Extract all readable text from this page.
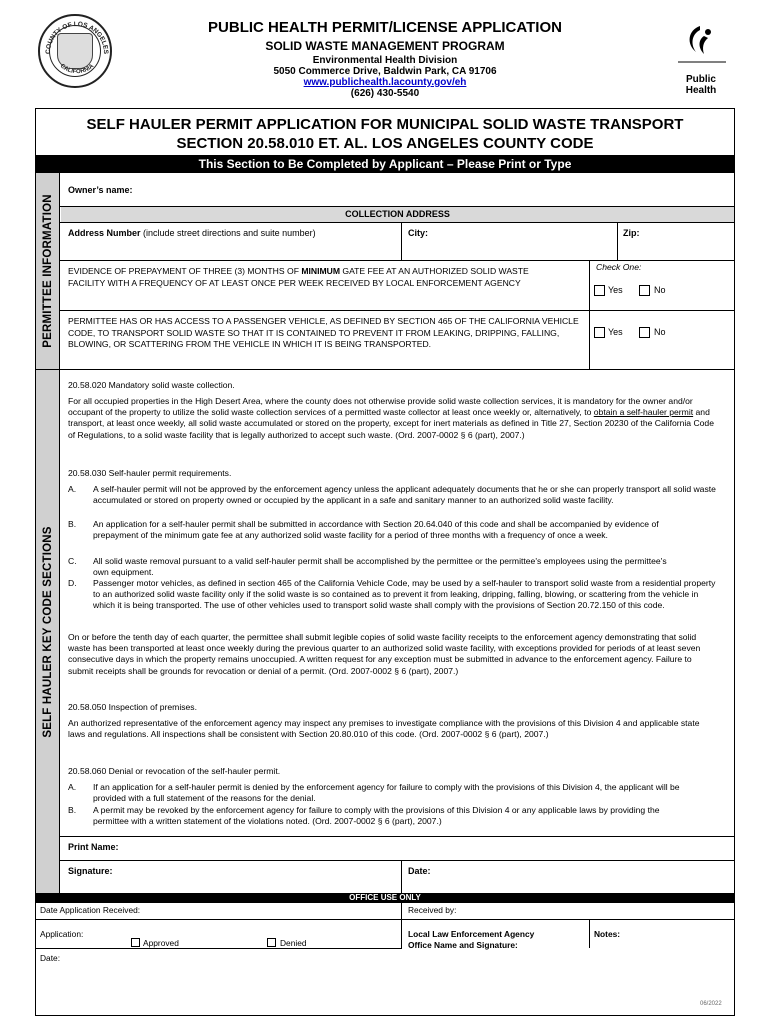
COUNTY OF LOS ANGELES
CALIFORNIA
PUBLIC HEALTH PERMIT/LICENSE APPLICATION
SOLID WASTE MANAGEMENT PROGRAM
Environmental Health Division
5050 Commerce Drive, Baldwin Park, CA 91706
www.publichealth.lacounty.gov/eh
(626) 430-5540
Public Health
SELF HAULER PERMIT APPLICATION FOR MUNICIPAL SOLID WASTE TRANSPORT
SECTION 20.58.010 ET. AL. LOS ANGELES COUNTY CODE
This Section to Be Completed by Applicant – Please Print or Type
PERMITTEE INFORMATION
Owner’s name:
COLLECTION ADDRESS
Address Number (include street directions and suite number)	City:	Zip:
EVIDENCE OF PREPAYMENT OF THREE (3) MONTHS OF MINIMUM GATE FEE AT AN AUTHORIZED SOLID WASTE FACILITY WITH A FREQUENCY OF AT LEAST ONCE PER WEEK RECEIVED BY LOCAL ENFORCEMENT AGENCY
Check One:
Yes	No
PERMITTEE HAS OR HAS ACCESS TO A PASSENGER VEHICLE, AS DEFINED BY SECTION 465 OF THE CALIFORNIA VEHICLE CODE, TO TRANSPORT SOLID WASTE SO THAT IT IS CONTAINED TO PREVENT IT FROM LEAKING, DRIPPING, FALLING, BLOWING, OR SCATTERING FROM THE VEHICLE IN WHICH IT IS BEING TRANSPORTED.
Yes	No
SELF HAULER KEY CODE SECTIONS
20.58.020 Mandatory solid waste collection.
For all occupied properties in the High Desert Area, where the county does not otherwise provide solid waste collection services, it is mandatory for the owner and/or occupant of the property to utilize the solid waste collection services of a permitted waste collector at least once weekly or, alternatively, to obtain a self-hauler permit and transport, at least once weekly, all solid waste accumulated or stored on the property, except for inert materials as defined in Title 27, Section 20230 of the California Code of Regulations, to a solid waste facility that is legally authorized to accept such waste. (Ord. 2007-0002 § 6 (part), 2007.)
20.58.030 Self-hauler permit requirements.
A.	A self-hauler permit will not be approved by the enforcement agency unless the applicant adequately documents that he or she can properly transport all solid waste accumulated or stored on property owned or occupied by the applicant in a safe and sanitary manner to an authorized solid waste facility.
B.	An application for a self-hauler permit shall be submitted in accordance with Section 20.64.040 of this code and shall be accompanied by evidence of prepayment of the minimum gate fee at any authorized solid waste facility for a period of three months with a frequency of once a week.
C.	All solid waste removal pursuant to a valid self-hauler permit shall be accomplished by the permittee or the permittee's employees using the permittee's own equipment.
D.	Passenger motor vehicles, as defined in section 465 of the California Vehicle Code, may be used by a self-hauler to transport solid waste from a residential property to an authorized solid waste facility only if the solid waste is so contained as to prevent it from leaking, dripping, falling, blowing, or scattering from the vehicle in which it is being transported. The use of other vehicles used to transport solid waste shall comply with the provisions of Section 20.72.150 of this code.
On or before the tenth day of each quarter, the permittee shall submit legible copies of solid waste facility receipts to the enforcement agency demonstrating that solid waste has been transported at least once weekly during the previous quarter to an authorized solid waste facility, with exceptions provided for periods of at least seven consecutive days in which the property remains unoccupied. A written request for any exception must be submitted in advance to the enforcement agency. Failure to submit receipts shall be grounds for revocation or denial of a permit. (Ord. 2007-0002 § 6 (part), 2007.)
20.58.050 Inspection of premises.
An authorized representative of the enforcement agency may inspect any premises to investigate compliance with the provisions of this Division 4 and applicable state laws and regulations. All inspections shall be consistent with Section 20.80.010 of this code. (Ord. 2007-0002 § 6 (part), 2007.)
20.58.060 Denial or revocation of the self-hauler permit.
A.	If an application for a self-hauler permit is denied by the enforcement agency for failure to comply with the provisions of this Division 4, the applicant will be provided with a full statement of the reasons for the denial.
B.	A permit may be revoked by the enforcement agency for failure to comply with the provisions of this Division 4 or any applicable laws by providing the permittee with a written statement of the violations noted. (Ord. 2007-0002 § 6 (part), 2007.)
Print Name:
Signature:	Date:
OFFICE USE ONLY
Date Application Received:	Received by:
Application:
Approved	Denied
Local Law Enforcement Agency
Office Name and Signature:
Notes:
Date:
06/2022
